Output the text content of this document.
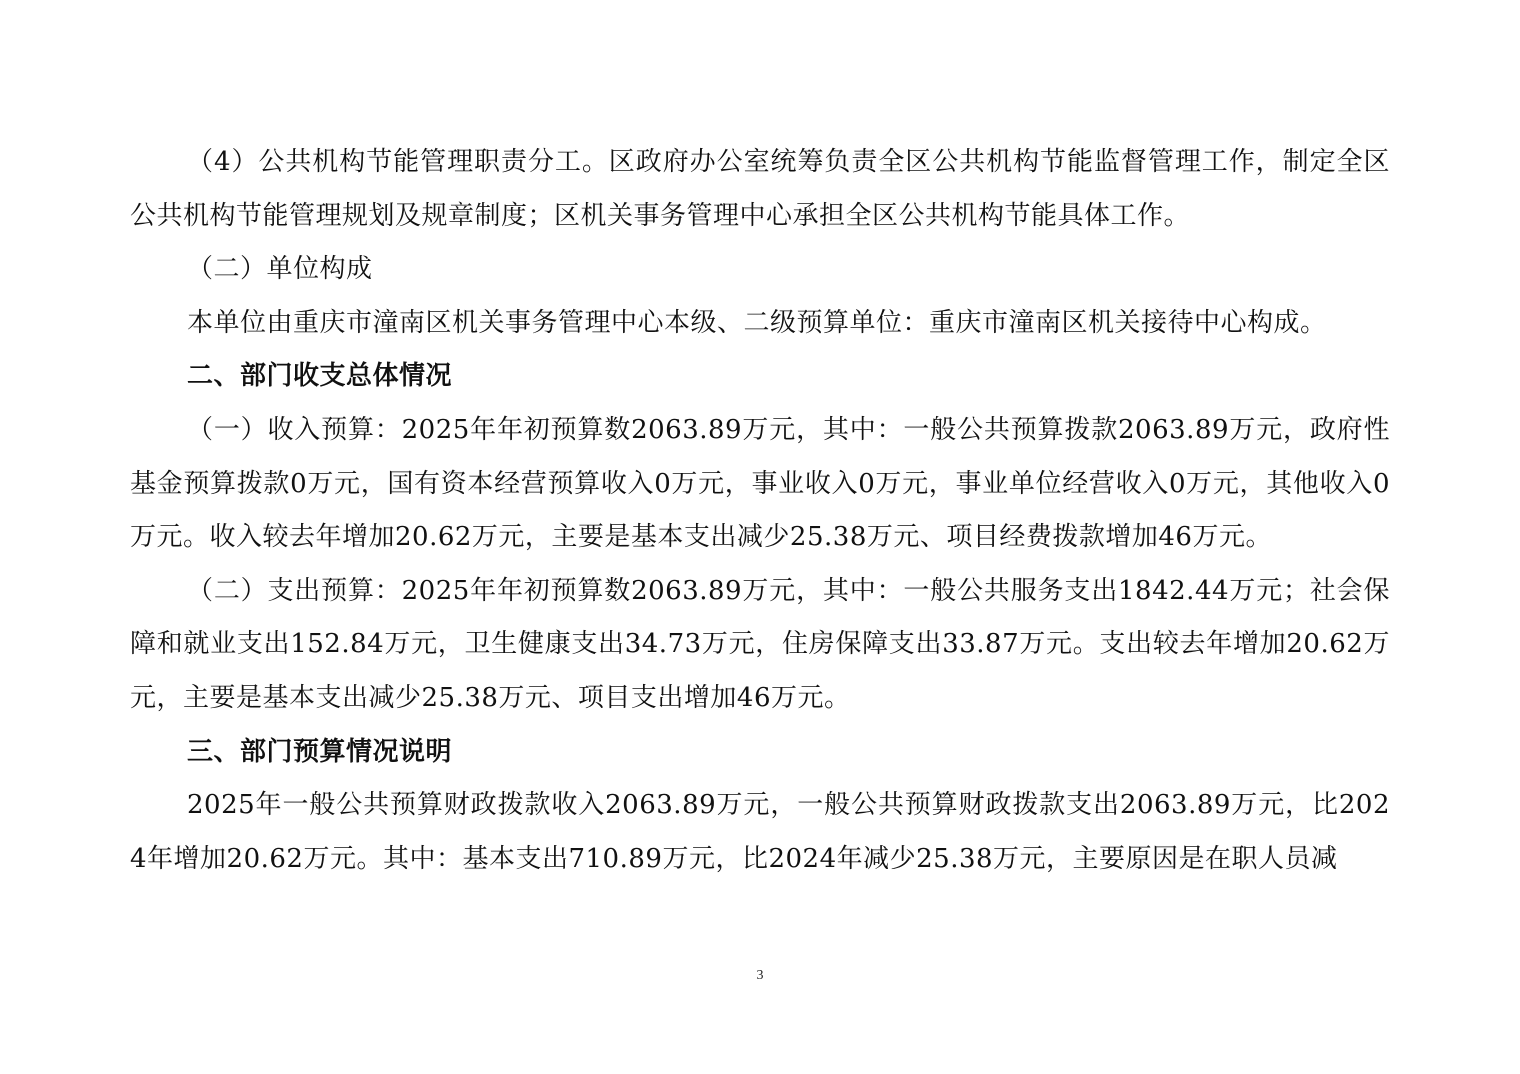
（4）公共机构节能管理职责分工。区政府办公室统筹负责全区公共机构节能监督管理工作，制定全区公共机构节能管理规划及规章制度；区机关事务管理中心承担全区公共机构节能具体工作。

（二）单位构成

本单位由重庆市潼南区机关事务管理中心本级、二级预算单位：重庆市潼南区机关接待中心构成。

二、部门收支总体情况

（一）收入预算：2025年年初预算数2063.89万元，其中：一般公共预算拨款2063.89万元，政府性基金预算拨款0万元，国有资本经营预算收入0万元，事业收入0万元，事业单位经营收入0万元，其他收入0万元。收入较去年增加20.62万元，主要是基本支出减少25.38万元、项目经费拨款增加46万元。

（二）支出预算：2025年年初预算数2063.89万元，其中：一般公共服务支出1842.44万元；社会保障和就业支出152.84万元，卫生健康支出34.73万元，住房保障支出33.87万元。支出较去年增加20.62万元，主要是基本支出减少25.38万元、项目支出增加46万元。

三、部门预算情况说明

2025年一般公共预算财政拨款收入2063.89万元，一般公共预算财政拨款支出2063.89万元，比2024年增加20.62万元。其中：基本支出710.89万元，比2024年减少25.38万元，主要原因是在职人员减

3
